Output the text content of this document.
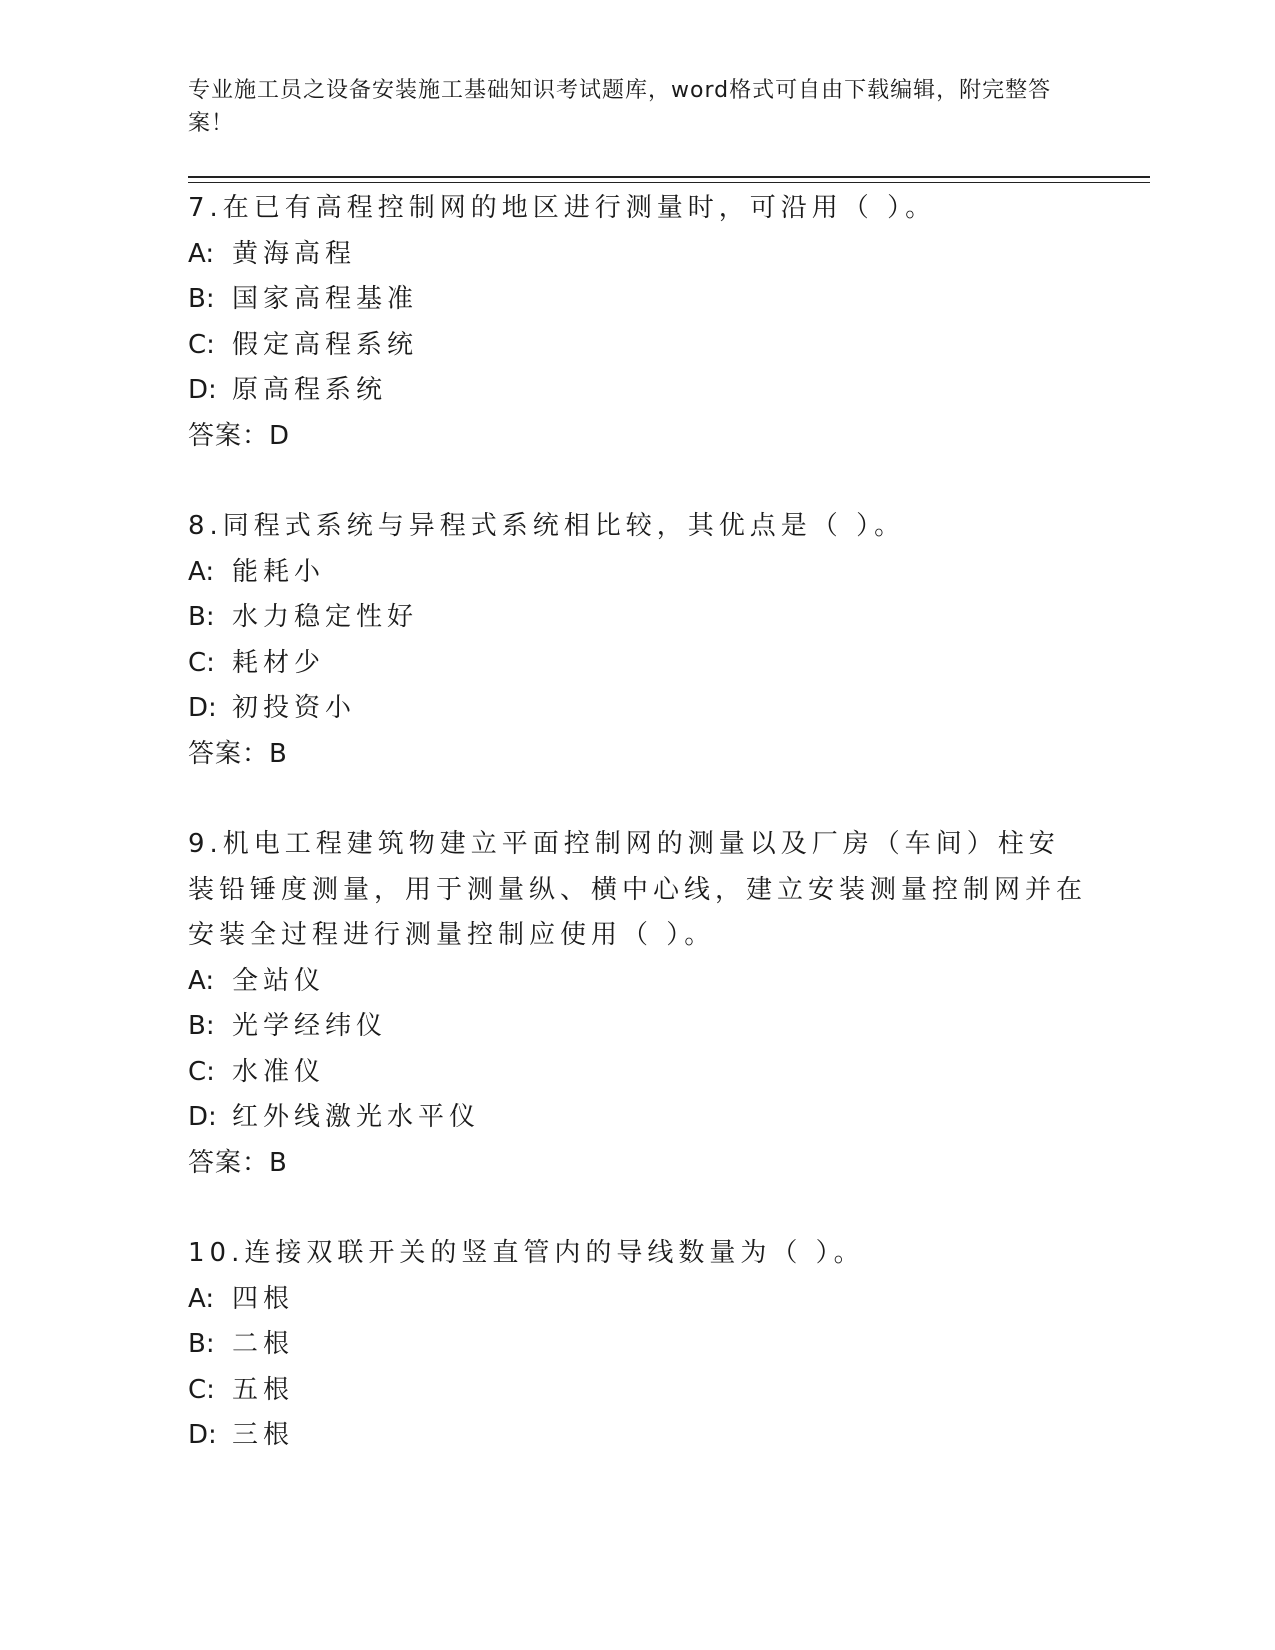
专业施工员之设备安装施工基础知识考试题库，word格式可自由下载编辑，附完整答案！
7.在已有高程控制网的地区进行测量时，可沿用（ ）。
A: 黄海高程
B: 国家高程基准
C: 假定高程系统
D: 原高程系统
答案：D
8.同程式系统与异程式系统相比较，其优点是（ ）。
A: 能耗小
B: 水力稳定性好
C: 耗材少
D: 初投资小
答案：B
9.机电工程建筑物建立平面控制网的测量以及厂房（车间）柱安装铅锤度测量，用于测量纵、横中心线，建立安装测量控制网并在安装全过程进行测量控制应使用（ ）。
A: 全站仪
B: 光学经纬仪
C: 水准仪
D: 红外线激光水平仪
答案：B
10.连接双联开关的竖直管内的导线数量为（ ）。
A: 四根
B: 二根
C: 五根
D: 三根
